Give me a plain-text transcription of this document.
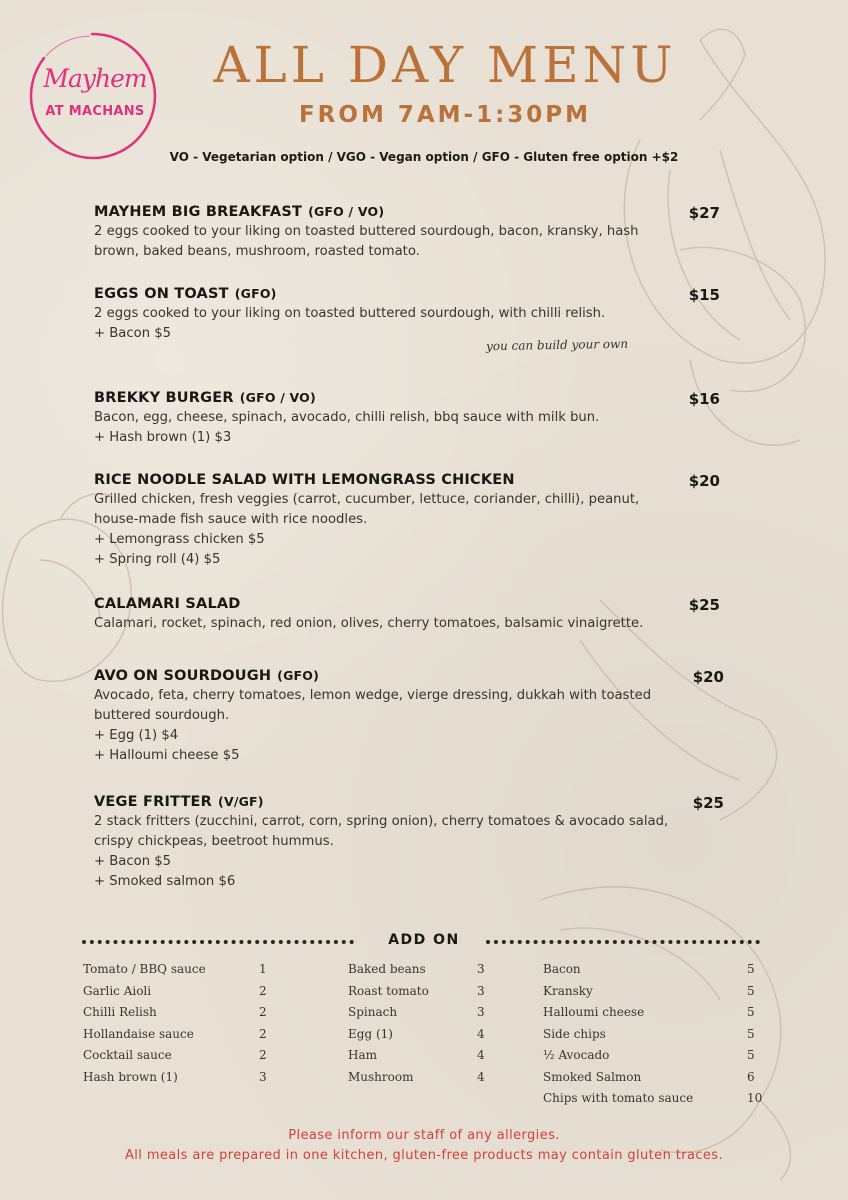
Mayhem
AT MACHANS
ALL DAY MENU
FROM 7AM-1:30PM
VO - Vegetarian option / VGO - Vegan option / GFO - Gluten free option +$2
MAYHEM BIG BREAKFAST (GFO / VO)	$27
2 eggs cooked to your liking on toasted buttered sourdough, bacon, kransky, hash brown, baked beans, mushroom, roasted tomato.
EGGS ON TOAST (GFO)	$15
2 eggs cooked to your liking on toasted buttered sourdough, with chilli relish.
+ Bacon $5
you can build your own
BREKKY BURGER (GFO / VO)	$16
Bacon, egg, cheese, spinach, avocado, chilli relish, bbq sauce with milk bun.
+ Hash brown (1) $3
RICE NOODLE SALAD WITH LEMONGRASS CHICKEN	$20
Grilled chicken, fresh veggies (carrot, cucumber, lettuce, coriander, chilli), peanut, house-made fish sauce with rice noodles.
+ Lemongrass chicken $5
+ Spring roll (4) $5
CALAMARI SALAD	$25
Calamari, rocket, spinach, red onion, olives, cherry tomatoes, balsamic vinaigrette.
AVO ON SOURDOUGH (GFO)	$20
Avocado, feta, cherry tomatoes, lemon wedge, vierge dressing, dukkah with toasted buttered sourdough.
+ Egg (1) $4
+ Halloumi cheese $5
VEGE FRITTER (V/GF)	$25
2 stack fritters (zucchini, carrot, corn, spring onion), cherry tomatoes & avocado salad, crispy chickpeas, beetroot hummus.
+ Bacon $5
+ Smoked salmon $6
ADD ON
Tomato / BBQ sauce	1
Garlic Aioli	2
Chilli Relish	2
Hollandaise sauce	2
Cocktail sauce	2
Hash brown (1)	3
Baked beans	3
Roast tomato	3
Spinach	3
Egg (1)	4
Ham	4
Mushroom	4
Bacon	5
Kransky	5
Halloumi cheese	5
Side chips	5
½ Avocado	5
Smoked Salmon	6
Chips with tomato sauce	10
Please inform our staff of any allergies.
All meals are prepared in one kitchen, gluten-free products may contain gluten traces.
